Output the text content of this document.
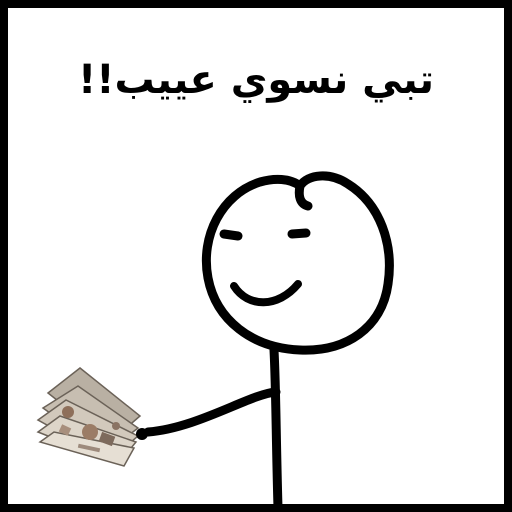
تبي نسوي عييب!!
